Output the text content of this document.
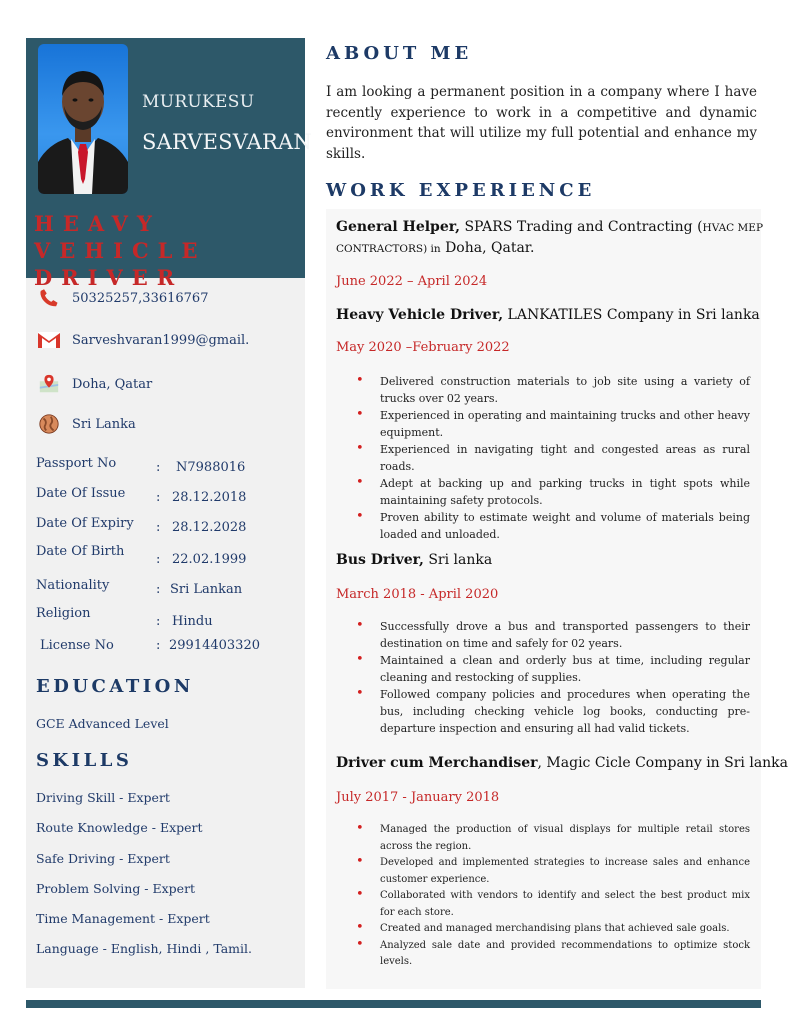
MURUKESU
SARVESVARAN
HEAVY VEHICLE DRIVER
50325257,33616767
Sarveshvaran1999@gmail.
Doha, Qatar
Sri Lanka
Passport No	: N7988016
Date Of Issue : 28.12.2018
Date Of Expiry : 28.12.2028
Date Of Birth
: 22.02.1999
Nationality	: Sri Lankan
Religion
: Hindu
License No	: 29914403320
EDUCATION
GCE Advanced Level
SKILLS
Driving Skill - Expert
Route Knowledge - Expert
Safe Driving - Expert
Problem Solving - Expert
Time Management - Expert
Language - English, Hindi , Tamil.
ABOUT ME
I am looking a permanent position in a company where I have recently experience to work in a competitive and dynamic environment that will utilize my full potential and enhance my skills.
WORK EXPERIENCE
General Helper, SPARS Trading and Contracting (HVAC MEP
CONTRACTORS) in Doha, Qatar.
June 2022 – April 2024
Heavy Vehicle Driver, LANKATILES Company in Sri lanka
May 2020 –February 2022
• Delivered construction materials to job site using a variety of trucks over 02 years.
• Experienced in operating and maintaining trucks and other heavy equipment.
• Experienced in navigating tight and congested areas as rural roads.
• Adept at backing up and parking trucks in tight spots while maintaining safety protocols.
• Proven ability to estimate weight and volume of materials being loaded and unloaded.
Bus Driver, Sri lanka
March 2018 - April 2020
• Successfully drove a bus and transported passengers to their destination on time and safely for 02 years.
• Maintained a clean and orderly bus at time, including regular cleaning and restocking of supplies.
• Followed company policies and procedures when operating the bus, including checking vehicle log books, conducting pre-departure inspection and ensuring all had valid tickets.
Driver cum Merchandiser, Magic Cicle Company in Sri lanka
July 2017 - January 2018
• Managed the production of visual displays for multiple retail stores across the region.
• Developed and implemented strategies to increase sales and enhance customer experience.
• Collaborated with vendors to identify and select the best product mix for each store.
• Created and managed merchandising plans that achieved sale goals.
• Analyzed sale date and provided recommendations to optimize stock levels.
